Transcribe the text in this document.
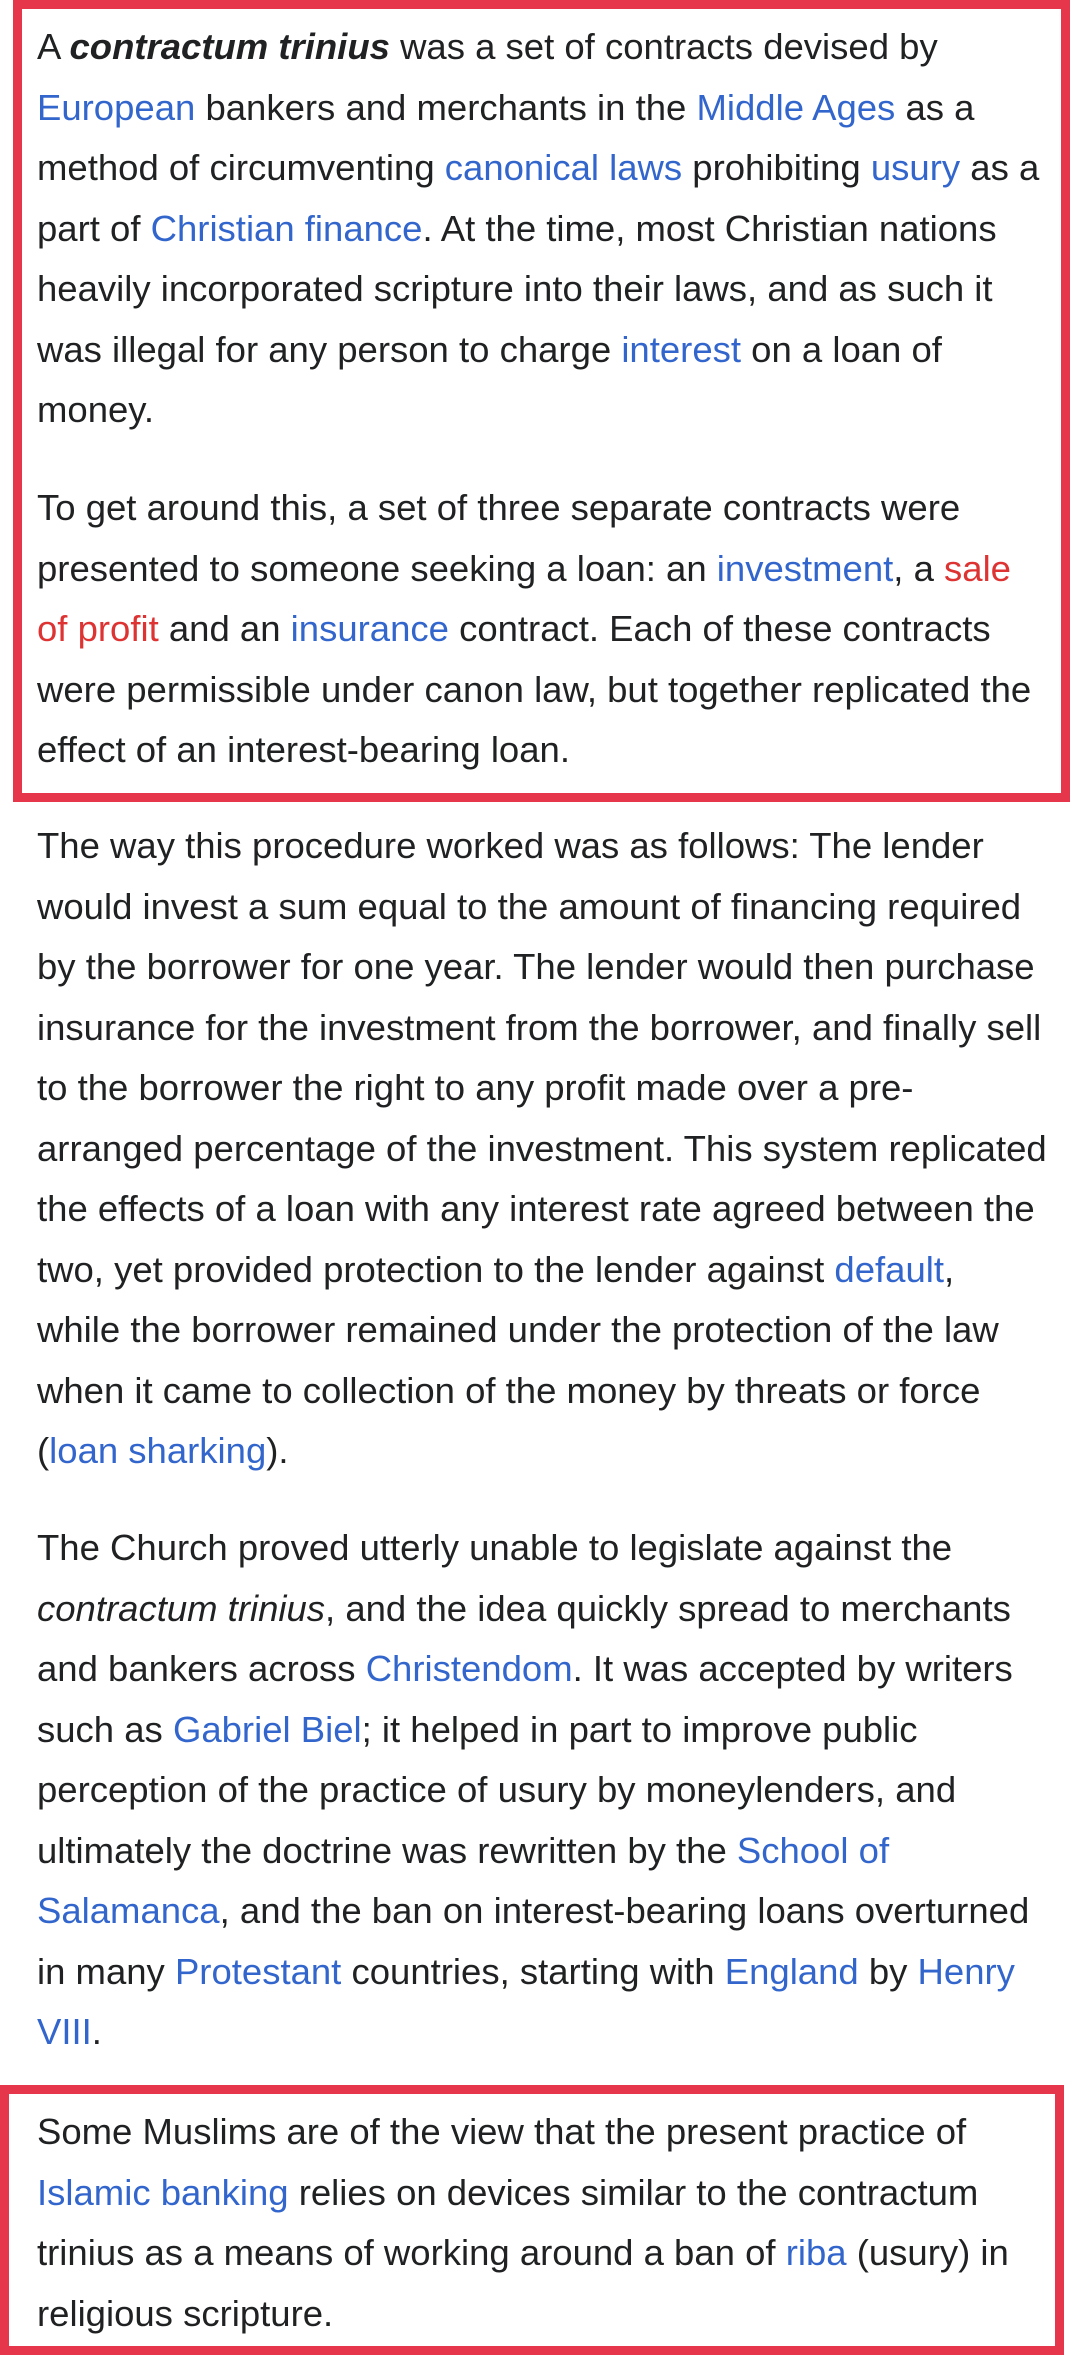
A contractum trinius was a set of contracts devised by European bankers and merchants in the Middle Ages as a method of circumventing canonical laws prohibiting usury as a part of Christian finance. At the time, most Christian nations heavily incorporated scripture into their laws, and as such it was illegal for any person to charge interest on a loan of money.

To get around this, a set of three separate contracts were presented to someone seeking a loan: an investment, a sale of profit and an insurance contract. Each of these contracts were permissible under canon law, but together replicated the effect of an interest-bearing loan.

The way this procedure worked was as follows: The lender would invest a sum equal to the amount of financing required by the borrower for one year. The lender would then purchase insurance for the investment from the borrower, and finally sell to the borrower the right to any profit made over a pre-arranged percentage of the investment. This system replicated the effects of a loan with any interest rate agreed between the two, yet provided protection to the lender against default, while the borrower remained under the protection of the law when it came to collection of the money by threats or force (loan sharking).

The Church proved utterly unable to legislate against the contractum trinius, and the idea quickly spread to merchants and bankers across Christendom. It was accepted by writers such as Gabriel Biel; it helped in part to improve public perception of the practice of usury by moneylenders, and ultimately the doctrine was rewritten by the School of Salamanca, and the ban on interest-bearing loans overturned in many Protestant countries, starting with England by Henry VIII.

Some Muslims are of the view that the present practice of Islamic banking relies on devices similar to the contractum trinius as a means of working around a ban of riba (usury) in religious scripture.
